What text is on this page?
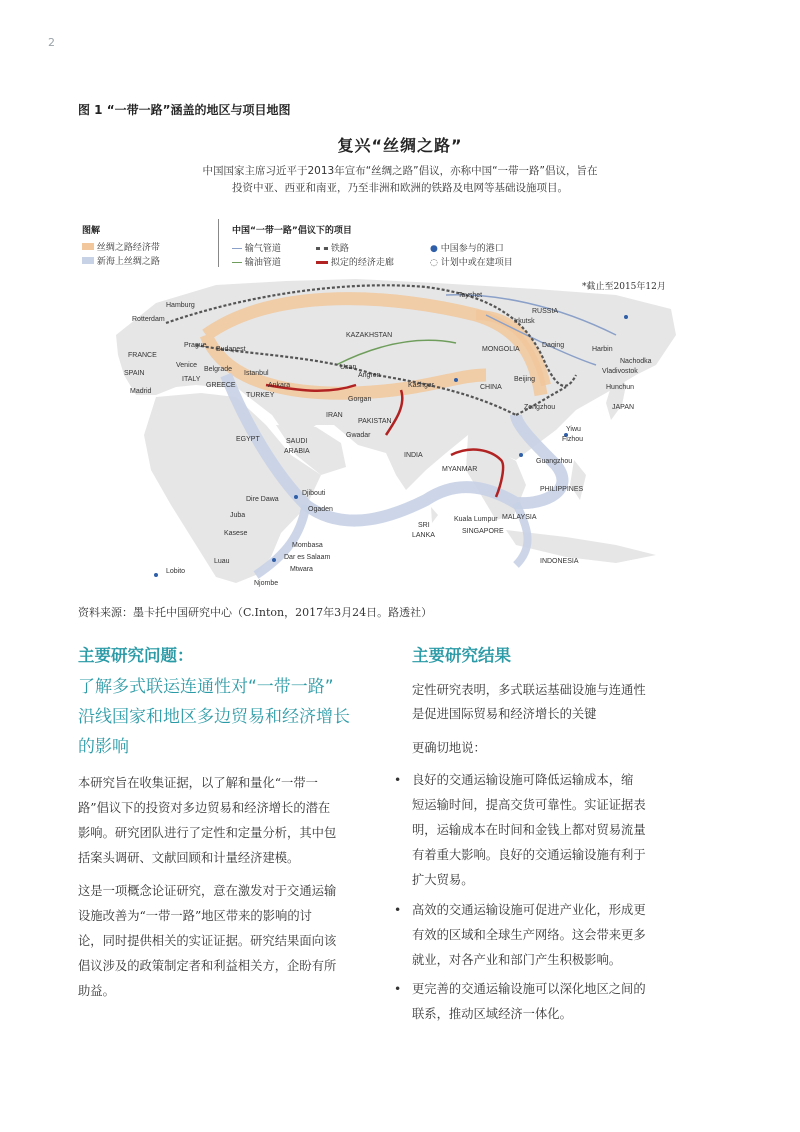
2
图 1 “一带一路”涵盖的地区与项目地图
复兴“丝绸之路”
中国国家主席习近平于2013年宣布“丝绸之路”倡议，亦称中国“一带一路”倡议，旨在
投资中亚、西亚和南亚，乃至非洲和欧洲的铁路及电网等基础设施项目。
图解
丝绸之路经济带
新海上丝绸之路
中国“一带一路”倡议下的项目
输气管道
输油管道
铁路
拟定的经济走廊
● 中国参与的港口
◌ 计划中或在建项目
Hamburg
Rotterdam
Prague
Budapest
FRANCE
Venice
Belgrade
Istanbul
SPAIN
Madrid
ITALY
GREECE	Ankara
TURKEY
KAZAKHSTAN
Usan
Angren
Gorgan
IRAN
Kashgar
PAKISTAN
Gwadar
Tayshet
RUSSIA
Irkutsk
MONGOLIA
Daqing
Harbin
Nachodka
Vladivostok
Hunchun
Beijing
CHINA
JAPAN
Zengzhou
Yiwu
Fizhou
Guangzhou
INDIA
MYANMAR
PHILIPPINES
EGYPT	SAUDI
ARABIA
Djibouti
Dire Dawa
Ogaden
Juba
Kasese
Mombasa
Dar es Salaam
Mtwara
Luau
Lobito
Njombe
SRI
LANKA
Kuala Lumpur
SINGAPORE
MALAYSIA
INDONESIA
*截止至2015年12月
资料来源：墨卡托中国研究中心（C.Inton，2017年3月24日。路透社）
主要研究问题：
了解多式联运连通性对“一带一路”
沿线国家和地区多边贸易和经济增长
的影响
本研究旨在收集证据，以了解和量化“一带一
路”倡议下的投资对多边贸易和经济增长的潜在
影响。研究团队进行了定性和定量分析，其中包
括案头调研、文献回顾和计量经济建模。
这是一项概念论证研究，意在激发对于交通运输
设施改善为“一带一路”地区带来的影响的讨
论，同时提供相关的实证证据。研究结果面向该
倡议涉及的政策制定者和利益相关方，企盼有所
助益。
主要研究结果
定性研究表明，多式联运基础设施与连通性
是促进国际贸易和经济增长的关键
更确切地说：
• 良好的交通运输设施可降低运输成本，缩
短运输时间，提高交货可靠性。实证证据表
明，运输成本在时间和金钱上都对贸易流量
有着重大影响。良好的交通运输设施有利于
扩大贸易。
• 高效的交通运输设施可促进产业化，形成更
有效的区域和全球生产网络。这会带来更多
就业，对各产业和部门产生积极影响。
• 更完善的交通运输设施可以深化地区之间的
联系，推动区域经济一体化。
